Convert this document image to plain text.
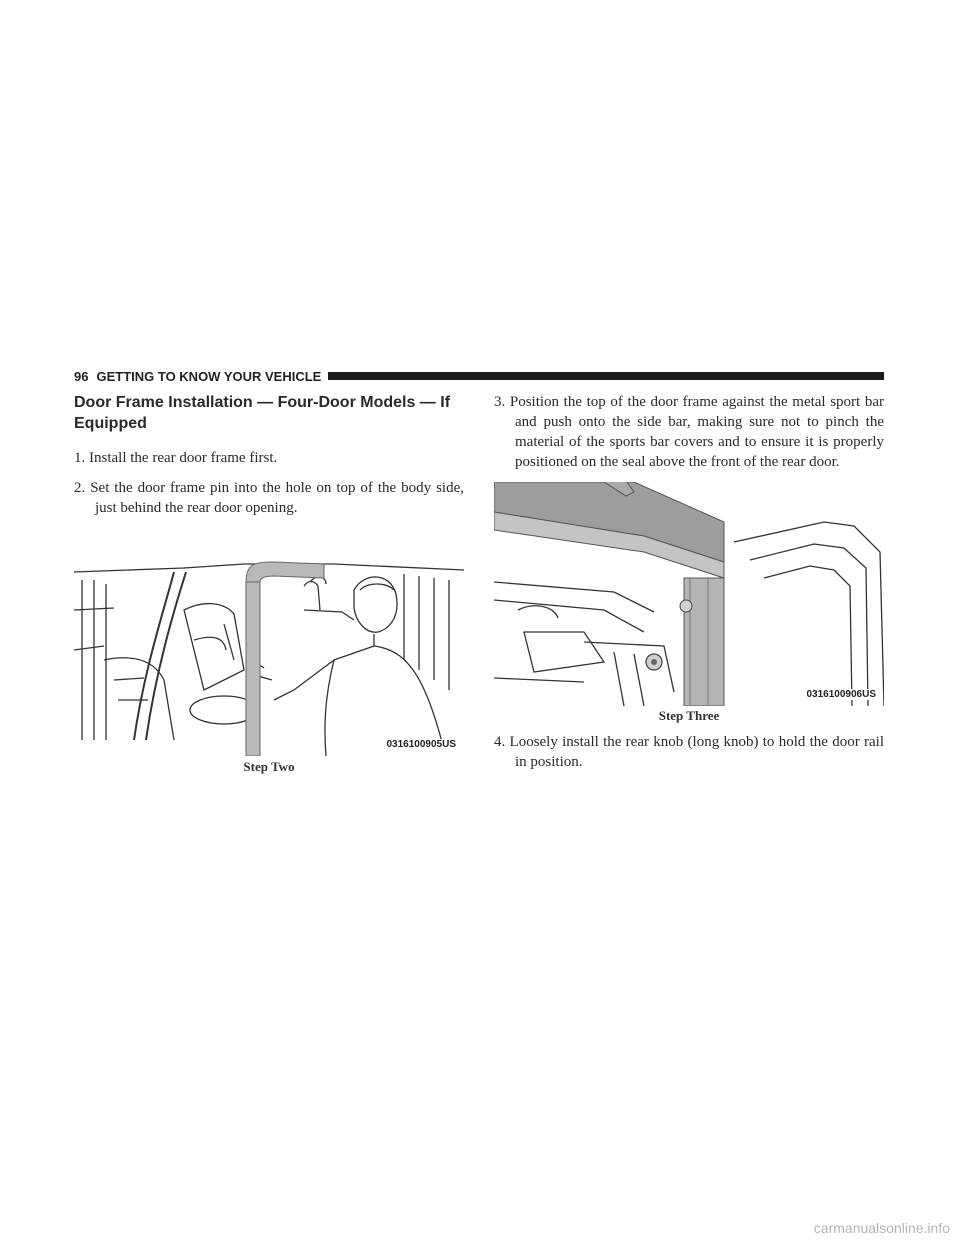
96 GETTING TO KNOW YOUR VEHICLE
Door Frame Installation — Four-Door Models — If Equipped

1. Install the rear door frame first.

2. Set the door frame pin into the hole on top of the body side, just behind the rear door opening.

0316100905US
Step Two

3. Position the top of the door frame against the metal sport bar and push onto the side bar, making sure not to pinch the material of the sports bar covers and to ensure it is properly positioned on the seal above the front of the rear door.

0316100906US
Step Three

4. Loosely install the rear knob (long knob) to hold the door rail in position.

carmanualsonline.info
